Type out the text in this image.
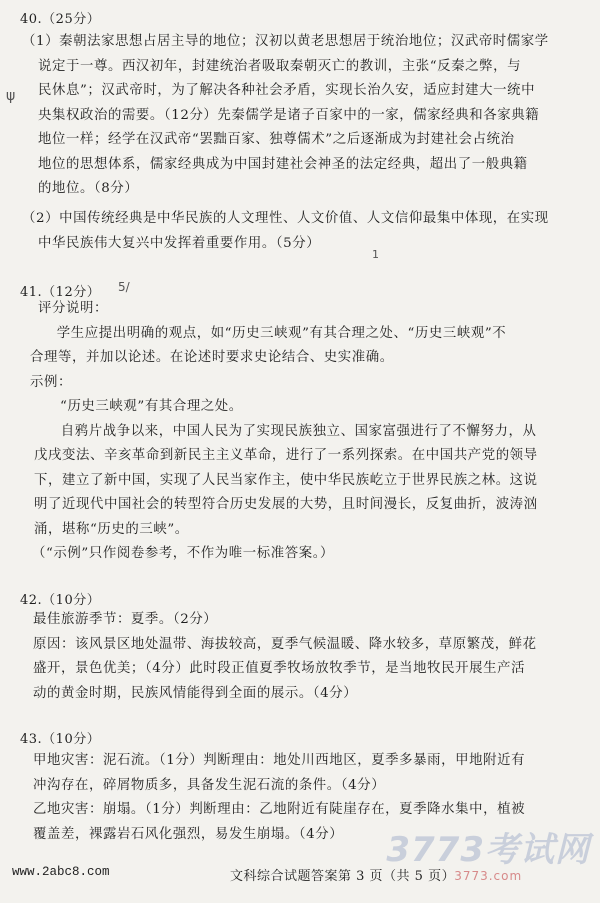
40.（25分）

（1）秦朝法家思想占居主导的地位；汉初以黄老思想居于统治地位；汉武帝时儒家学

说定于一尊。西汉初年，封建统治者吸取秦朝灭亡的教训，主张“反秦之弊，与

民休息”；汉武帝时，为了解决各种社会矛盾，实现长治久安，适应封建大一统中

央集权政治的需要。（12分）先秦儒学是诸子百家中的一家，儒家经典和各家典籍

地位一样；经学在汉武帝“罢黜百家、独尊儒术”之后逐渐成为封建社会占统治

地位的思想体系，儒家经典成为中国封建社会神圣的法定经典，超出了一般典籍

的地位。（8分）

（2）中国传统经典是中华民族的人文理性、人文价值、人文信仰最集中体现，在实现

中华民族伟大复兴中发挥着重要作用。（5分）

ψ
1
41.（12分） 5/

评分说明：

学生应提出明确的观点，如“历史三峡观”有其合理之处、“历史三峡观”不

合理等，并加以论述。在论述时要求史论结合、史实准确。

示例：

“历史三峡观”有其合理之处。

自鸦片战争以来，中国人民为了实现民族独立、国家富强进行了不懈努力，从

戊戌变法、辛亥革命到新民主主义革命，进行了一系列探索。在中国共产党的领导

下，建立了新中国，实现了人民当家作主，使中华民族屹立于世界民族之林。这说

明了近现代中国社会的转型符合历史发展的大势，且时间漫长，反复曲折，波涛汹

涌，堪称“历史的三峡”。

（“示例”只作阅卷参考，不作为唯一标准答案。）

42.（10分）

最佳旅游季节：夏季。（2分）

原因：该风景区地处温带、海拔较高，夏季气候温暖、降水较多，草原繁茂，鲜花

盛开，景色优美；（4分）此时段正值夏季牧场放牧季节，是当地牧民开展生产活

动的黄金时期，民族风情能得到全面的展示。（4分）

43.（10分）

甲地灾害：泥石流。（1分）判断理由：地处川西地区，夏季多暴雨，甲地附近有

冲沟存在，碎屑物质多，具备发生泥石流的条件。（4分）

乙地灾害：崩塌。（1分）判断理由：乙地附近有陡崖存在，夏季降水集中，植被

覆盖差，裸露岩石风化强烈，易发生崩塌。（4分）	3773考试网
3773.com
www.2abc8.com	文科综合试题答案第 3 页（共 5 页）
